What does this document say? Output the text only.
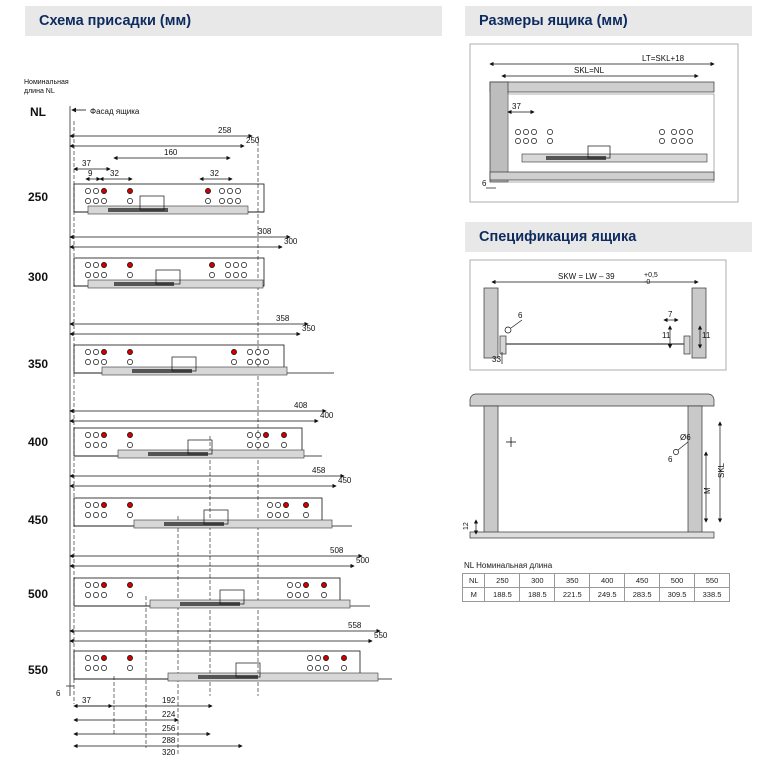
Схема присадки (мм)
Номинальная
длина NL
NL	Фасад ящика
258
250
160
37
9 32	32
250
308
300
300
358
350
350
408
400
400
458
450
450
508
500
500
558
550
550
6
37	192
224
256
288
320
Размеры ящика (мм)
LT=SKL+18
SKL=NL
37
6
Спецификация ящика
SKW = LW – 39	+0,5
-0
6	7
11	11
33
Ø6
6
SKL
M
12
NL Номинальная длина
NL	250	300	350	400	450	500	550
M	188.5	188.5	221.5	249.5	283.5	309.5	338.5
